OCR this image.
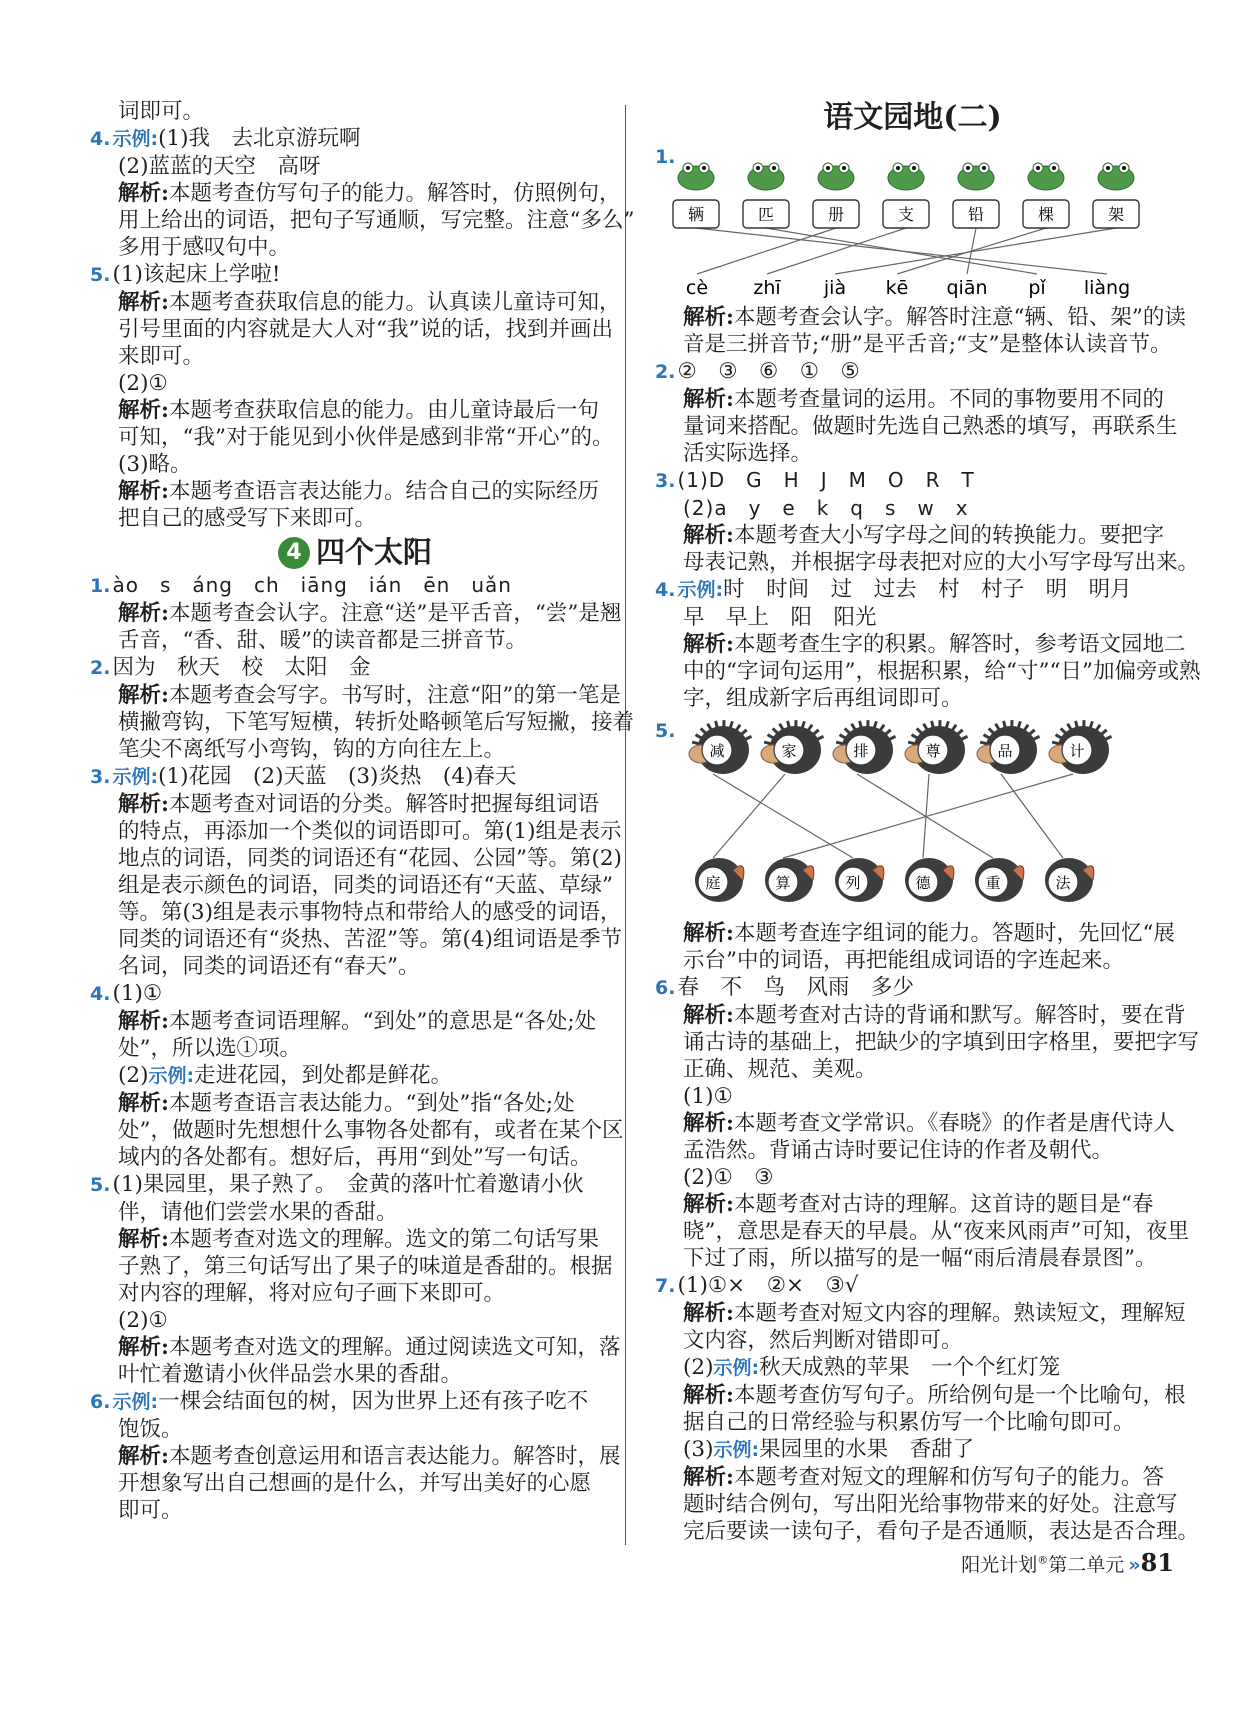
词即可。
4. 示例:(1)我　去北京游玩啊
(2)蓝蓝的天空　高呀
解析:本题考查仿写句子的能力。解答时，仿照例句，
用上给出的词语，把句子写通顺，写完整。注意“多么”
多用于感叹句中。
5.(1)该起床上学啦!
解析:本题考查获取信息的能力。认真读儿童诗可知，
引号里面的内容就是大人对“我”说的话，找到并画出
来即可。
(2)①
解析:本题考查获取信息的能力。由儿童诗最后一句
可知，“我”对于能见到小伙伴是感到非常“开心”的。
(3)略。
解析:本题考查语言表达能力。结合自己的实际经历
把自己的感受写下来即可。
4 四个太阳
1. ào　s　áng　ch　iāng　ián　ēn　uǎn
解析:本题考查会认字。注意“送”是平舌音，“尝”是翘
舌音，“香、甜、暖”的读音都是三拼音节。
2.因为　秋天　校　太阳　金
解析:本题考查会写字。书写时，注意“阳”的第一笔是
横撇弯钩，下笔写短横，转折处略顿笔后写短撇，接着
笔尖不离纸写小弯钩，钩的方向往左上。
3. 示例:(1)花园　(2)天蓝　(3)炎热　(4)春天
解析:本题考查对词语的分类。解答时把握每组词语
的特点，再添加一个类似的词语即可。第(1)组是表示
地点的词语，同类的词语还有“花园、公园”等。第(2)
组是表示颜色的词语，同类的词语还有“天蓝、草绿”
等。第(3)组是表示事物特点和带给人的感受的词语，
同类的词语还有“炎热、苦涩”等。第(4)组词语是季节
名词，同类的词语还有“春天”。
4.(1)①
解析:本题考查词语理解。“到处”的意思是“各处;处
处”，所以选①项。
(2)示例:走进花园，到处都是鲜花。
解析:本题考查语言表达能力。“到处”指“各处;处
处”，做题时先想想什么事物各处都有，或者在某个区
域内的各处都有。想好后，再用“到处”写一句话。
5.(1)果园里，果子熟了。　金黄的落叶忙着邀请小伙
伴，请他们尝尝水果的香甜。
解析:本题考查对选文的理解。选文的第二句话写果
子熟了，第三句话写出了果子的味道是香甜的。根据
对内容的理解，将对应句子画下来即可。
(2)①
解析:本题考查对选文的理解。通过阅读选文可知，落
叶忙着邀请小伙伴品尝水果的香甜。
6. 示例:一棵会结面包的树，因为世界上还有孩子吃不
饱饭。
解析:本题考查创意运用和语言表达能力。解答时，展
开想象写出自己想画的是什么，并写出美好的心愿
即可。
语文园地(二)
1.
辆	匹	册	支	铅	棵	架
cè zhī jià kē qiān pǐ liàng
解析:本题考查会认字。解答时注意“辆、铅、架”的读
音是三拼音节;“册”是平舌音;“支”是整体认读音节。
2.②　③　⑥　①　⑤
解析:本题考查量词的运用。不同的事物要用不同的
量词来搭配。做题时先选自己熟悉的填写，再联系生
活实际选择。
3. (1)D　G　H　J　M　O　R　T
(2)a　y　e　k　q　s　w　x
解析:本题考查大小写字母之间的转换能力。要把字
母表记熟，并根据字母表把对应的大小写字母写出来。
4. 示例:时　时间　过　过去　村　村子　明　明月
早　早上　阳　阳光
解析:本题考查生字的积累。解答时，参考语文园地二
中的“字词句运用”，根据积累，给“寸”“日”加偏旁或熟
字，组成新字后再组词即可。
5.
减	家	排	尊	品	计
庭	算	列	德	重	法
解析:本题考查连字组词的能力。答题时，先回忆“展
示台”中的词语，再把能组成词语的字连起来。
6.春　不　鸟　风雨　多少
解析:本题考查对古诗的背诵和默写。解答时，要在背
诵古诗的基础上，把缺少的字填到田字格里，要把字写
正确、规范、美观。
(1)①
解析:本题考查文学常识。《春晓》的作者是唐代诗人
孟浩然。背诵古诗时要记住诗的作者及朝代。
(2)①　③
解析:本题考查对古诗的理解。这首诗的题目是“春
晓”，意思是春天的早晨。从“夜来风雨声”可知，夜里
下过了雨，所以描写的是一幅“雨后清晨春景图”。
7.(1)①×　②×　③√
解析:本题考查对短文内容的理解。熟读短文，理解短
文内容，然后判断对错即可。
(2)示例:秋天成熟的苹果　一个个红灯笼
解析:本题考查仿写句子。所给例句是一个比喻句，根
据自己的日常经验与积累仿写一个比喻句即可。
(3)示例:果园里的水果　香甜了
解析:本题考查对短文的理解和仿写句子的能力。答
题时结合例句，写出阳光给事物带来的好处。注意写
完后要读一读句子，看句子是否通顺，表达是否合理。
阳光计划®第二单元 »81
